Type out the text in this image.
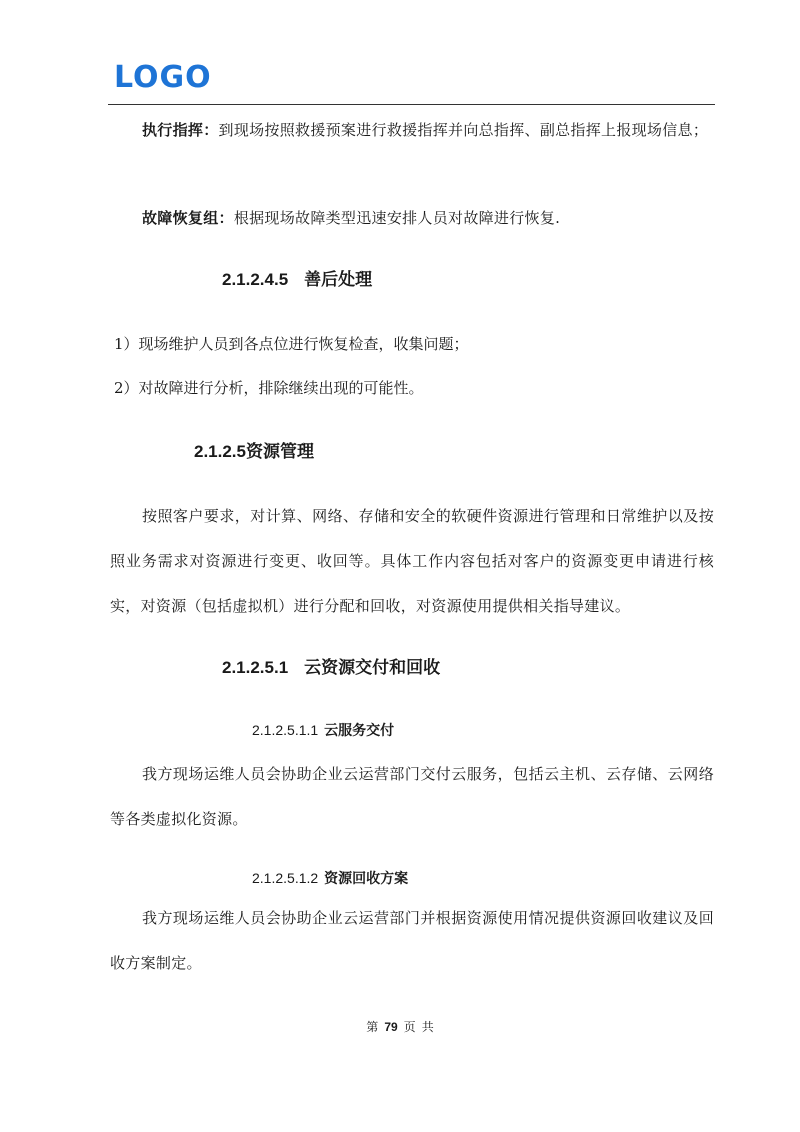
LOGO

执行指挥：到现场按照救援预案进行救援指挥并向总指挥、副总指挥上报现场信息；

故障恢复组：根据现场故障类型迅速安排人员对故障进行恢复.

2.1.2.4.5 善后处理

1）现场维护人员到各点位进行恢复检查，收集问题；

2）对故障进行分析，排除继续出现的可能性。

2.1.2.5资源管理

按照客户要求，对计算、网络、存储和安全的软硬件资源进行管理和日常维护以及按照业务需求对资源进行变更、收回等。具体工作内容包括对客户的资源变更申请进行核实，对资源（包括虚拟机）进行分配和回收，对资源使用提供相关指导建议。

2.1.2.5.1 云资源交付和回收
2.1.2.5.1.1 云服务交付

我方现场运维人员会协助企业云运营部门交付云服务，包括云主机、云存储、云网络等各类虚拟化资源。

2.1.2.5.1.2 资源回收方案

我方现场运维人员会协助企业云运营部门并根据资源使用情况提供资源回收建议及回收方案制定。

第 79 页 共
